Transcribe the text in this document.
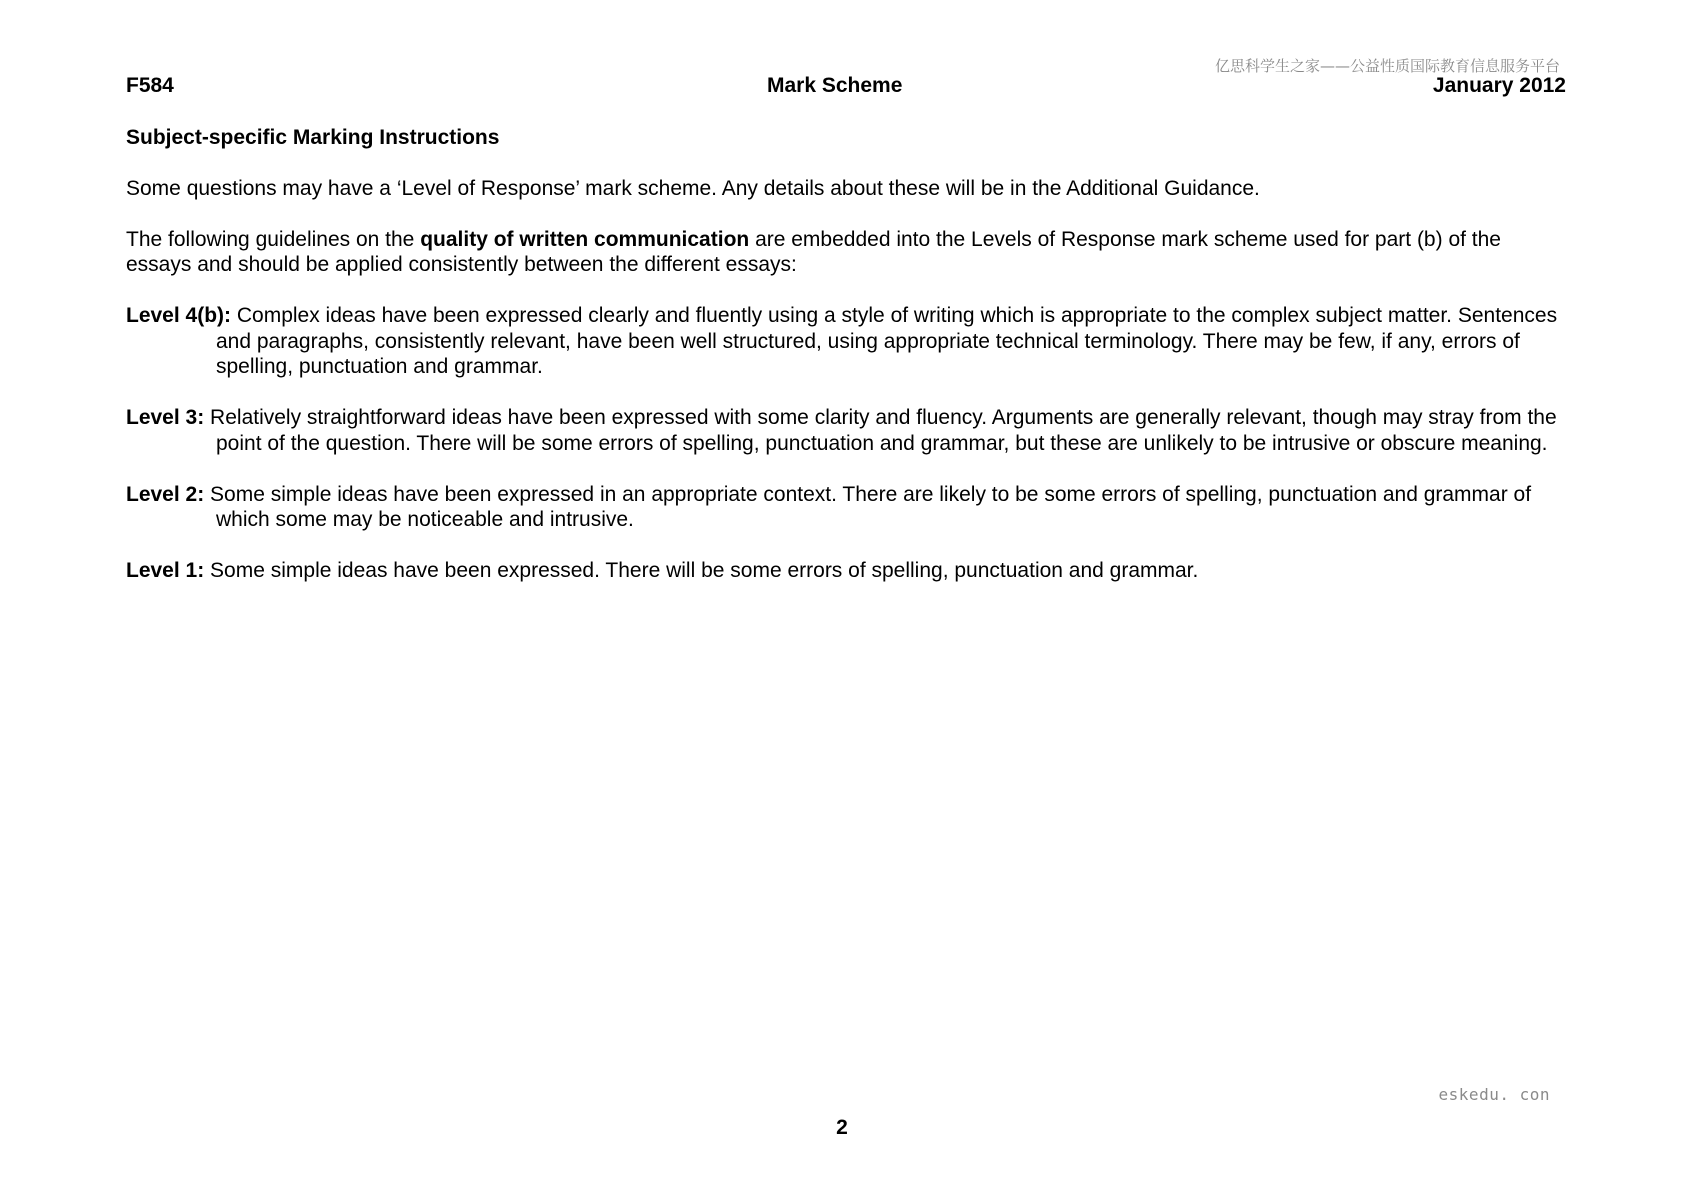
亿思科学生之家——公益性质国际教育信息服务平台
F584	Mark Scheme	January 2012

Subject-specific Marking Instructions

Some questions may have a ‘Level of Response’ mark scheme. Any details about these will be in the Additional Guidance.

The following guidelines on the quality of written communication are embedded into the Levels of Response mark scheme used for part (b) of the essays and should be applied consistently between the different essays:

Level 4(b): Complex ideas have been expressed clearly and fluently using a style of writing which is appropriate to the complex subject matter. Sentences and paragraphs, consistently relevant, have been well structured, using appropriate technical terminology. There may be few, if any, errors of spelling, punctuation and grammar.

Level 3: Relatively straightforward ideas have been expressed with some clarity and fluency. Arguments are generally relevant, though may stray from the point of the question. There will be some errors of spelling, punctuation and grammar, but these are unlikely to be intrusive or obscure meaning.

Level 2: Some simple ideas have been expressed in an appropriate context. There are likely to be some errors of spelling, punctuation and grammar of which some may be noticeable and intrusive.

Level 1: Some simple ideas have been expressed. There will be some errors of spelling, punctuation and grammar.

eskedu. con
2
